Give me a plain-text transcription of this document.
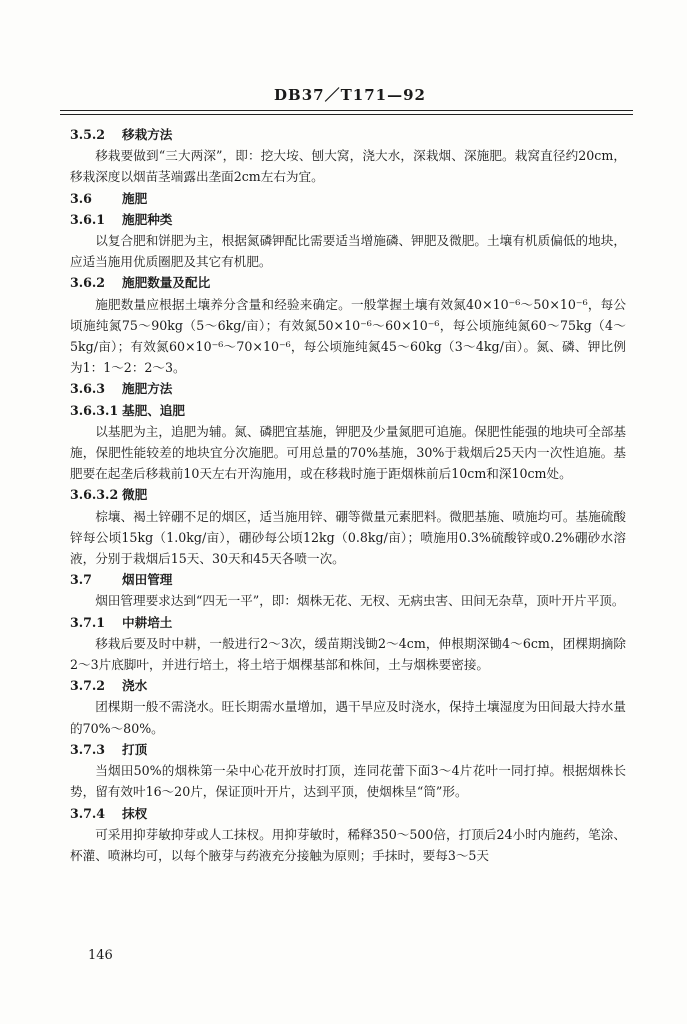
DB37／T171—92
3.5.2 移栽方法
移栽要做到“三大两深”，即：挖大垵、刨大窝，浇大水，深栽烟、深施肥。栽窝直径约20cm，移栽深度以烟苗茎端露出垄面2cm左右为宜。
3.6 施肥
3.6.1 施肥种类
以复合肥和饼肥为主，根据氮磷钾配比需要适当增施磷、钾肥及微肥。土壤有机质偏低的地块，应适当施用优质圈肥及其它有机肥。
3.6.2 施肥数量及配比
施肥数量应根据土壤养分含量和经验来确定。一般掌握土壤有效氮40×10⁻⁶～50×10⁻⁶，每公顷施纯氮75～90kg（5～6kg/亩）；有效氮50×10⁻⁶～60×10⁻⁶，每公顷施纯氮60～75kg（4～5kg/亩）；有效氮60×10⁻⁶～70×10⁻⁶，每公顷施纯氮45～60kg（3～4kg/亩）。氮、磷、钾比例为1：1～2：2～3。
3.6.3 施肥方法
3.6.3.1 基肥、追肥
以基肥为主，追肥为辅。氮、磷肥宜基施，钾肥及少量氮肥可追施。保肥性能强的地块可全部基施，保肥性能较差的地块宜分次施肥。可用总量的70%基施，30%于栽烟后25天内一次性追施。基肥要在起垄后移栽前10天左右开沟施用，或在移栽时施于距烟株前后10cm和深10cm处。
3.6.3.2 微肥
棕壤、褐土锌硼不足的烟区，适当施用锌、硼等微量元素肥料。微肥基施、喷施均可。基施硫酸锌每公顷15kg（1.0kg/亩），硼砂每公顷12kg（0.8kg/亩）；喷施用0.3%硫酸锌或0.2%硼砂水溶液，分别于栽烟后15天、30天和45天各喷一次。
3.7 烟田管理
烟田管理要求达到“四无一平”，即：烟株无花、无杈、无病虫害、田间无杂草，顶叶开片平顶。
3.7.1 中耕培土
移栽后要及时中耕，一般进行2～3次，缓苗期浅锄2～4cm，伸根期深锄4～6cm，团棵期摘除2～3片底脚叶，并进行培土，将土培于烟棵基部和株间，土与烟株要密接。
3.7.2 浇水
团棵期一般不需浇水。旺长期需水量增加，遇干旱应及时浇水，保持土壤湿度为田间最大持水量的70%～80%。
3.7.3 打顶
当烟田50%的烟株第一朵中心花开放时打顶，连同花蕾下面3～4片花叶一同打掉。根据烟株长势，留有效叶16～20片，保证顶叶开片，达到平顶，使烟株呈“筒”形。
3.7.4 抹杈
可采用抑芽敏抑芽或人工抹杈。用抑芽敏时，稀释350～500倍，打顶后24小时内施药，笔涂、杯灌、喷淋均可，以每个腋芽与药液充分接触为原则；手抹时，要每3～5天
146
